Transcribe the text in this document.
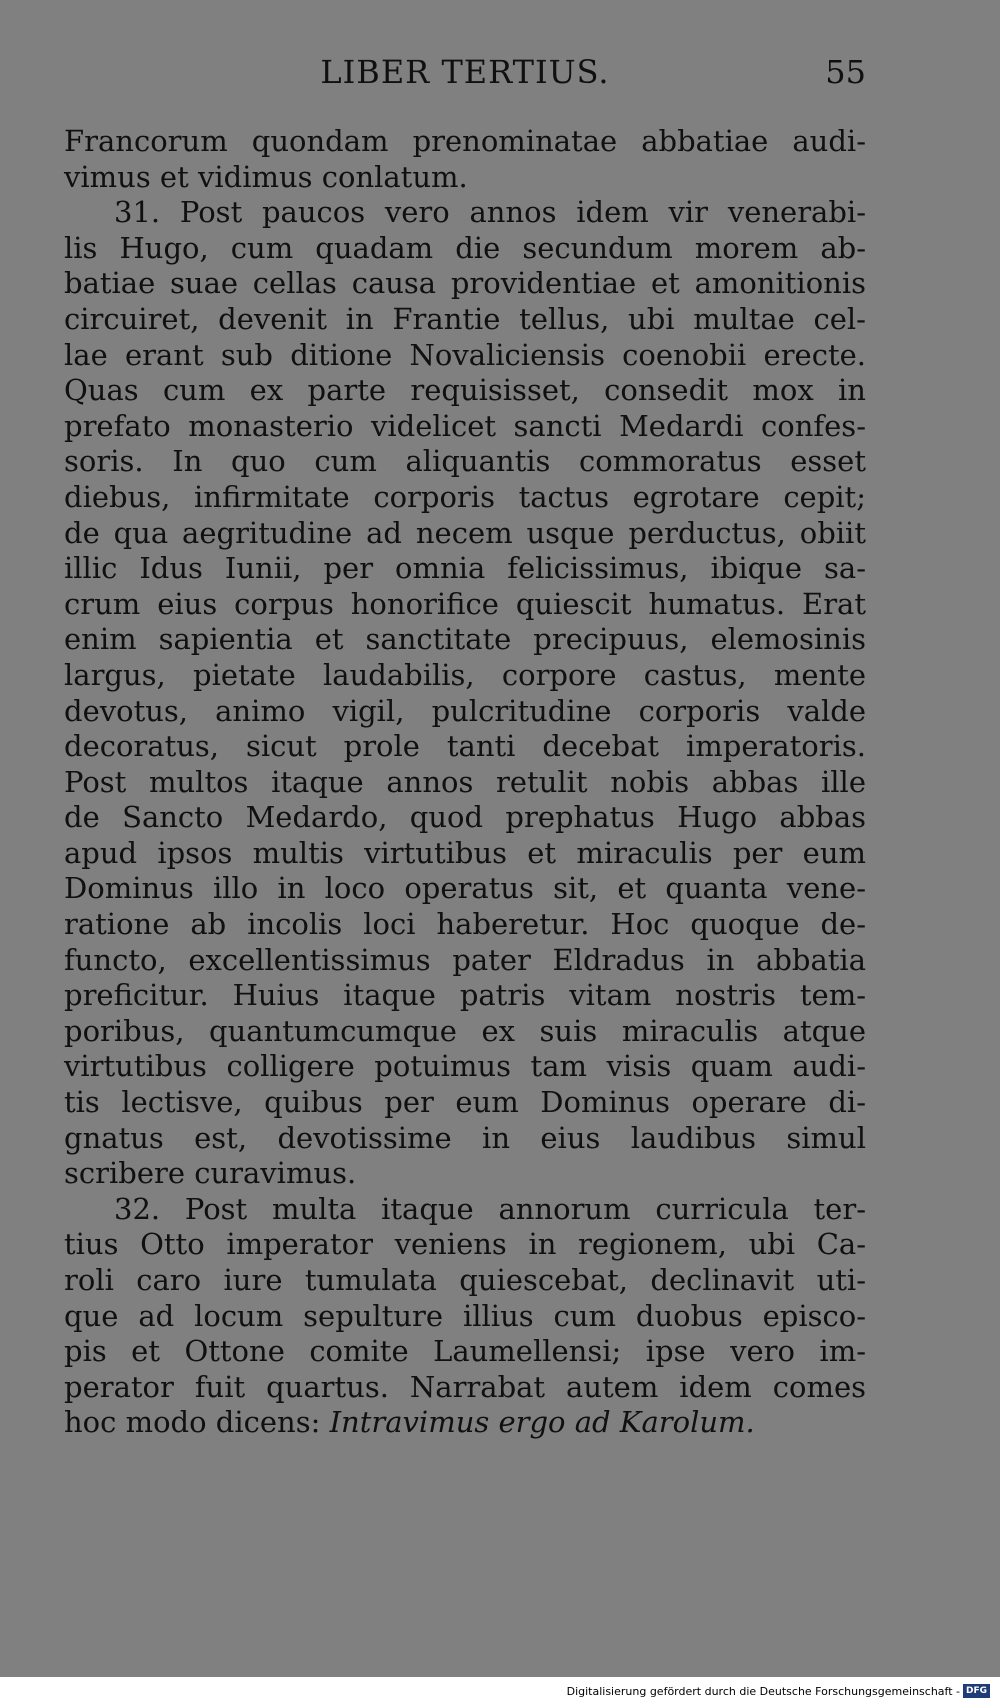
LIBER TERTIUS.	55
Francorum quondam prenominatae abbatiae audi-
vimus et vidimus conlatum.
31. Post paucos vero annos idem vir venerabi-
lis Hugo, cum quadam die secundum morem ab-
batiae suae cellas causa providentiae et amonitionis
circuiret, devenit in Frantie tellus, ubi multae cel-
lae erant sub ditione Novaliciensis coenobii erecte.
Quas cum ex parte requisisset, consedit mox in
prefato monasterio videlicet sancti Medardi confes-
soris. In quo cum aliquantis commoratus esset
diebus, infirmitate corporis tactus egrotare cepit;
de qua aegritudine ad necem usque perductus, obiit
illic Idus Iunii, per omnia felicissimus, ibique sa-
crum eius corpus honorifice quiescit humatus. Erat
enim sapientia et sanctitate precipuus, elemosinis
largus, pietate laudabilis, corpore castus, mente
devotus, animo vigil, pulcritudine corporis valde
decoratus, sicut prole tanti decebat imperatoris.
Post multos itaque annos retulit nobis abbas ille
de Sancto Medardo, quod prephatus Hugo abbas
apud ipsos multis virtutibus et miraculis per eum
Dominus illo in loco operatus sit, et quanta vene-
ratione ab incolis loci haberetur. Hoc quoque de-
functo, excellentissimus pater Eldradus in abbatia
preficitur. Huius itaque patris vitam nostris tem-
poribus, quantumcumque ex suis miraculis atque
virtutibus colligere potuimus tam visis quam audi-
tis lectisve, quibus per eum Dominus operare di-
gnatus est, devotissime in eius laudibus simul
scribere curavimus.
32. Post multa itaque annorum curricula ter-
tius Otto imperator veniens in regionem, ubi Ca-
roli caro iure tumulata quiescebat, declinavit uti-
que ad locum sepulture illius cum duobus episco-
pis et Ottone comite Laumellensi; ipse vero im-
perator fuit quartus. Narrabat autem idem comes
hoc modo dicens: Intravimus ergo ad Karolum.
Digitalisierung gefördert durch die Deutsche Forschungsgemeinschaft - DFG
